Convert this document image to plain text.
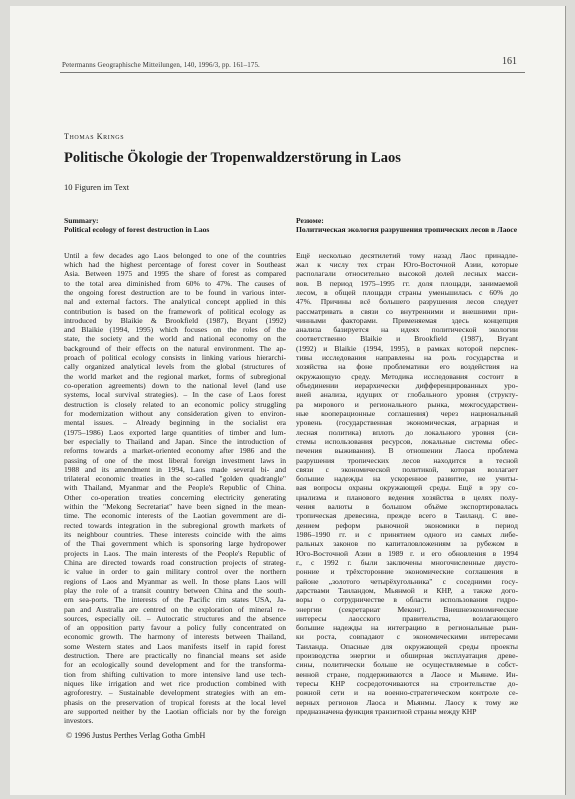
Petermanns Geographische Mitteilungen, 140, 1996/3, pp. 161–175.	161
Thomas Krings
Politische Ökologie der Tropenwaldzerstörung in Laos
10 Figuren im Text
Summary:
Political ecology of forest destruction in Laos
Until a few decades ago Laos belonged to one of the countries
which had the highest percentage of forest cover in Southeast
Asia. Between 1975 and 1995 the share of forest as compared
to the total area diminished from 60% to 47%. The causes of
the ongoing forest destruction are to be found in various inter-
nal and external factors. The analytical concept applied in this
contribution is based on the framework of political ecology as
introduced by Blaikie & Brookfield (1987), Bryant (1992)
and Blaikie (1994, 1995) which focuses on the roles of the
state, the society and the world and national economy on the
background of their effects on the natural environment. The ap-
proach of political ecology consists in linking various hierarchi-
cally organized analytical levels from the global (structures of
the world market and the regional market, forms of subregional
co-operation agreements) down to the national level (land use
systems, local survival strategies). – In the case of Laos forest
destruction is closely related to an economic policy struggling
for modernization without any consideration given to environ-
mental issues. – Already beginning in the socialist era
(1975–1986) Laos exported large quantities of timber and lum-
ber especially to Thailand and Japan. Since the introduction of
reforms towards a market-oriented economy after 1986 and the
passing of one of the most liberal foreign investment laws in
1988 and its amendment in 1994, Laos made several bi- and
trilateral economic treaties in the so-called "golden quadrangle"
with Thailand, Myanmar and the People's Republic of China.
Other co-operation treaties concerning electricity generating
within the "Mekong Secretariat" have been signed in the mean-
time. The economic interests of the Laotian government are di-
rected towards integration in the subregional growth markets of
its neighbour countries. These interests coincide with the aims
of the Thai government which is sponsoring large hydropower
projects in Laos. The main interests of the People's Republic of
China are directed towards road construction projects of strateg-
ic value in order to gain military control over the northern
regions of Laos and Myanmar as well. In those plans Laos will
play the role of a transit country between China and the south-
ern sea-ports. The interests of the Pacific rim states USA, Ja-
pan and Australia are centred on the exploration of mineral re-
sources, especially oil. – Autocratic structures and the absence
of an opposition party favour a policy fully concentrated on
economic growth. The harmony of interests between Thailand,
some Western states and Laos manifests itself in rapid forest
destruction. There are practically no financial means set aside
for an ecologically sound development and for the transforma-
tion from shifting cultivation to more intensive land use tech-
niques like irrigation and wet rice production combined with
agroforestry. – Sustainable development strategies with an em-
phasis on the preservation of tropical forests at the local level
are supported neither by the Laotian officials nor by the foreign
investors.
Резюме:
Политическая экология разрушения тропических лесов в Лаосе
Ещё несколько десятилетий тому назад Лаос принадле-
жал к числу тех стран Юго-Восточной Азии, которые
располагали относительно высокой долей лесных масси-
вов. В период 1975–1995 гг. доля площади, занимаемой
лесом, в общей площади страны уменьшилась с 60% до
47%. Причины всё большего разрушения лесов следует
рассматривать в связи со внутренними и внешними при-
чинными факторами. Применяемая здесь концепция
анализа базируется на идеях политической экологии
соответственно Blaikie и Brookfield (1987), Bryant
(1992) и Blaikie (1994, 1995), в рамках которой перспек-
тивы исследования направлены на роль государства и
хозяйства на фоне проблематики его воздействия на
окружающую среду. Методика исследования состоит в
объединении иерархически дифференцированных уро-
вней анализа, идущих от глобального уровня (структу-
ра мирового и регионального рынка, межгосударствен-
ные кооперационные соглашения) через национальный
уровень (государственная экономическая, аграрная и
лесная политика) вплоть до локального уровня (си-
стемы использования ресурсов, локальные системы обес-
печения выживания). В отношении Лаоса проблема
разрушения тропических лесов находится в тесной
связи с экономической политикой, которая возлагает
большие надежды на ускоренное развитие, не учиты-
вая вопросы охраны окружающей среды. Ещё в эру со-
циализма и планового ведения хозяйства в целях полу-
чения валюты в большом объёме экспортировалась
тропическая древесина, прежде всего в Таиланд. С вве-
дением реформ рыночной экономики в период
1986–1990 гг. и с принятием одного из самых либе-
ральных законов по капиталовложениям за рубежом в
Юго-Восточной Азии в 1989 г. и его обновления в 1994
г., с 1992 г. были заключены многочисленные двусто-
ронние и трёхсторонние экономические соглашения в
районе „золотого четырёхугольника" с соседними госу-
дарствами Таиландом, Мьянмой и КНР, а также дого-
воры о сотрудничестве в области использования гидро-
энергии (секретариат Меконг). Внешнеэкономические
интересы лаосского правительства, возлагающего
большие надежды на интеграцию в региональные рын-
ки роста, совпадают с экономическими интересами
Таиланда. Опасные для окружающей среды проекты
производства энергии и обширная эксплуатация древе-
сины, политически больше не осуществляемые в собст-
венной стране, поддерживаются в Лаосе и Мьянме. Ин-
тересы КНР сосредоточиваются на строительстве до-
рожной сети и на военно-стратегическом контроле се-
верных регионов Лаоса и Мьянмы. Лаосу к тому же
предназначена функция транзитной страны между КНР
© 1996 Justus Perthes Verlag Gotha GmbH
